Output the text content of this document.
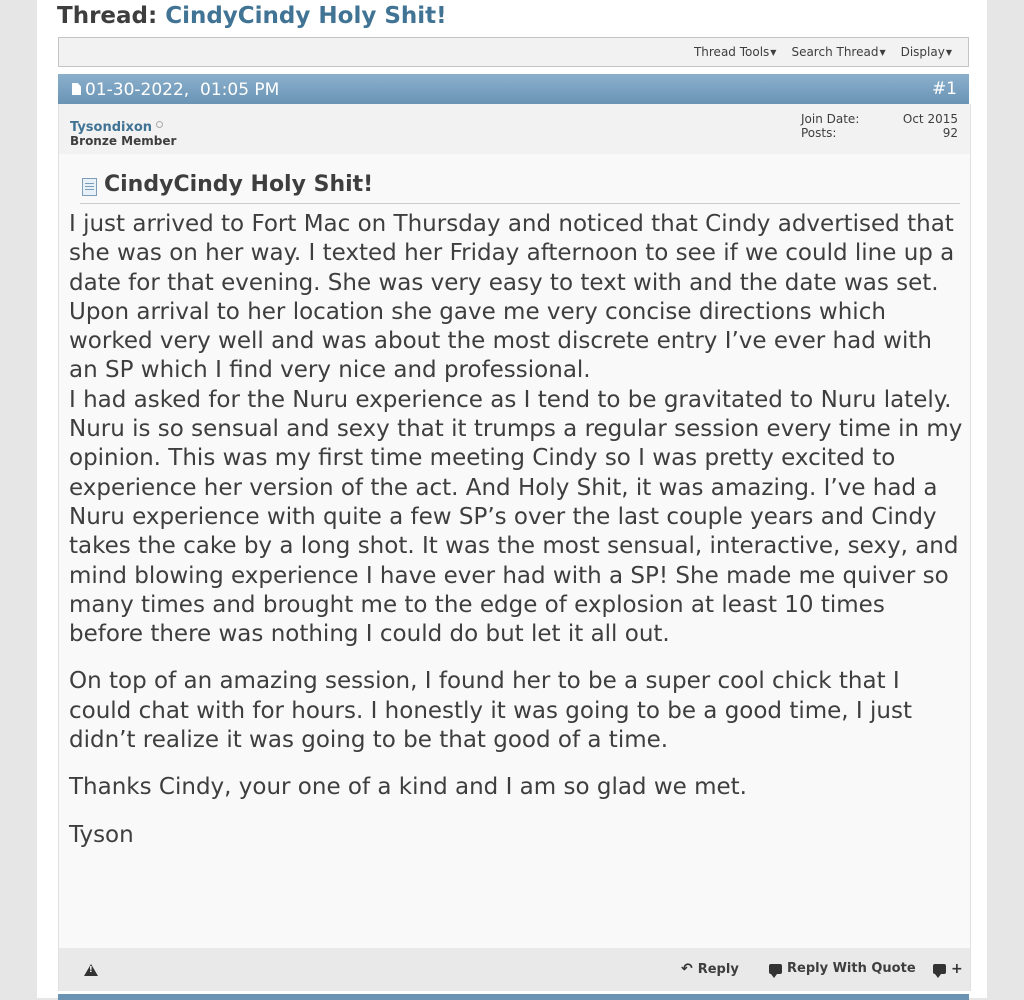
Thread: CindyCindy Holy Shit!
Thread Tools▼ Search Thread▼ Display▼
01-30-2022, 01:05 PM	#1
Tysondixon
Bronze Member
Join Date:	Oct 2015
Posts:	92
CindyCindy Holy Shit!

I just arrived to Fort Mac on Thursday and noticed that Cindy advertised that she was on her way. I texted her Friday afternoon to see if we could line up a date for that evening. She was very easy to text with and the date was set.

Upon arrival to her location she gave me very concise directions which worked very well and was about the most discrete entry I’ve ever had with an SP which I find very nice and professional.

I had asked for the Nuru experience as I tend to be gravitated to Nuru lately. Nuru is so sensual and sexy that it trumps a regular session every time in my opinion. This was my first time meeting Cindy so I was pretty excited to experience her version of the act. And Holy Shit, it was amazing. I’ve had a Nuru experience with quite a few SP’s over the last couple years and Cindy takes the cake by a long shot. It was the most sensual, interactive, sexy, and mind blowing experience I have ever had with a SP! She made me quiver so many times and brought me to the edge of explosion at least 10 times before there was nothing I could do but let it all out.

On top of an amazing session, I found her to be a super cool chick that I could chat with for hours. I honestly it was going to be a good time, I just didn’t realize it was going to be that good of a time.

Thanks Cindy, your one of a kind and I am so glad we met.

Tyson

!
↶ Reply	Reply With Quote	+
